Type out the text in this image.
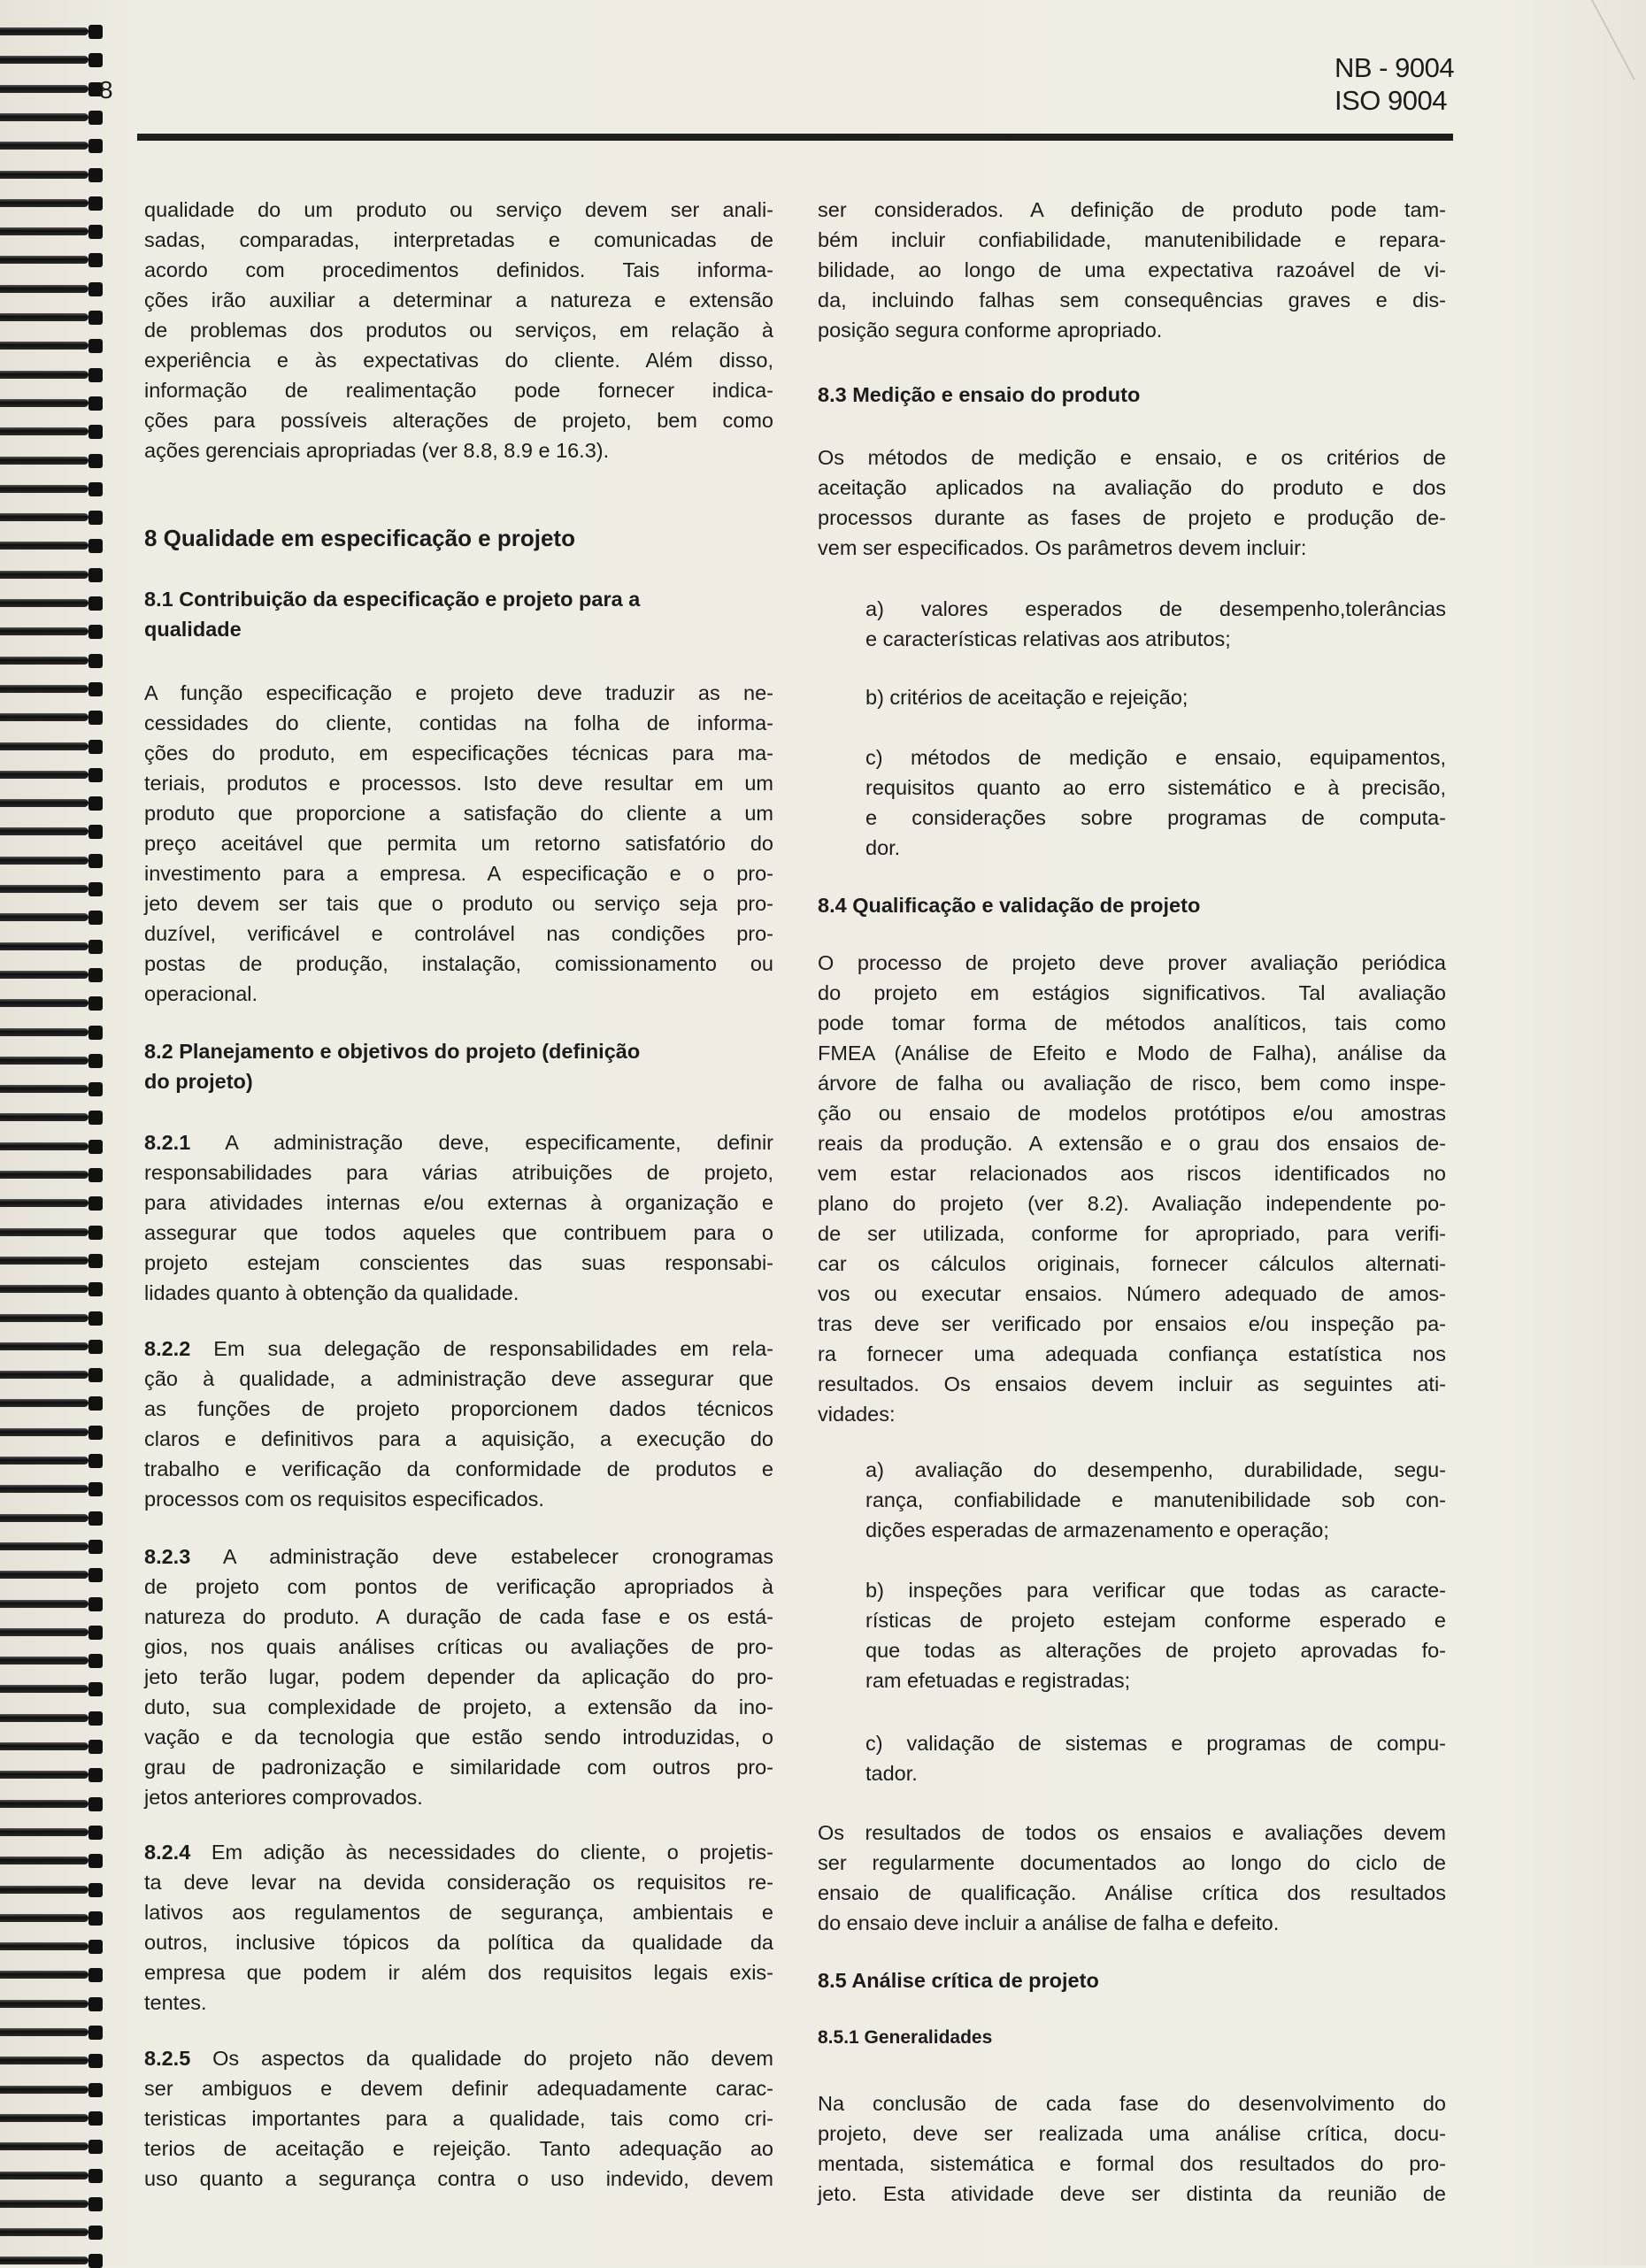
8
NB - 9004
ISO 9004
qualidade do um produto ou serviço devem ser anali-
sadas, comparadas, interpretadas e comunicadas de
acordo com procedimentos definidos. Tais informa-
ções irão auxiliar a determinar a natureza e extensão
de problemas dos produtos ou serviços, em relação à
experiência e às expectativas do cliente. Além disso,
informação de realimentação pode fornecer indica-
ções para possíveis alterações de projeto, bem como
ações gerenciais apropriadas (ver 8.8, 8.9 e 16.3).
8 Qualidade em especificação e projeto
8.1 Contribuição da especificação e projeto para a
qualidade
A função especificação e projeto deve traduzir as ne-
cessidades do cliente, contidas na folha de informa-
ções do produto, em especificações técnicas para ma-
teriais, produtos e processos. Isto deve resultar em um
produto que proporcione a satisfação do cliente a um
preço aceitável que permita um retorno satisfatório do
investimento para a empresa. A especificação e o pro-
jeto devem ser tais que o produto ou serviço seja pro-
duzível, verificável e controlável nas condições pro-
postas de produção, instalação, comissionamento ou
operacional.
8.2 Planejamento e objetivos do projeto (definição
do projeto)
8.2.1 A administração deve, especificamente, definir
responsabilidades para várias atribuições de projeto,
para atividades internas e/ou externas à organização e
assegurar que todos aqueles que contribuem para o
projeto estejam conscientes das suas responsabi-
lidades quanto à obtenção da qualidade.
8.2.2 Em sua delegação de responsabilidades em rela-
ção à qualidade, a administração deve assegurar que
as funções de projeto proporcionem dados técnicos
claros e definitivos para a aquisição, a execução do
trabalho e verificação da conformidade de produtos e
processos com os requisitos especificados.
8.2.3 A administração deve estabelecer cronogramas
de projeto com pontos de verificação apropriados à
natureza do produto. A duração de cada fase e os está-
gios, nos quais análises críticas ou avaliações de pro-
jeto terão lugar, podem depender da aplicação do pro-
duto, sua complexidade de projeto, a extensão da ino-
vação e da tecnologia que estão sendo introduzidas, o
grau de padronização e similaridade com outros pro-
jetos anteriores comprovados.
8.2.4 Em adição às necessidades do cliente, o projetis-
ta deve levar na devida consideração os requisitos re-
lativos aos regulamentos de segurança, ambientais e
outros, inclusive tópicos da política da qualidade da
empresa que podem ir além dos requisitos legais exis-
tentes.
8.2.5 Os aspectos da qualidade do projeto não devem
ser ambiguos e devem definir adequadamente carac-
teristicas importantes para a qualidade, tais como cri-
terios de aceitação e rejeição. Tanto adequação ao
uso quanto a segurança contra o uso indevido, devem
ser considerados. A definição de produto pode tam-
bém incluir confiabilidade, manutenibilidade e repara-
bilidade, ao longo de uma expectativa razoável de vi-
da, incluindo falhas sem consequências graves e dis-
posição segura conforme apropriado.
8.3 Medição e ensaio do produto
Os métodos de medição e ensaio, e os critérios de
aceitação aplicados na avaliação do produto e dos
processos durante as fases de projeto e produção de-
vem ser especificados. Os parâmetros devem incluir:
a) valores esperados de desempenho,tolerâncias
e características relativas aos atributos;
b) critérios de aceitação e rejeição;
c) métodos de medição e ensaio, equipamentos,
requisitos quanto ao erro sistemático e à precisão,
e considerações sobre programas de computa-
dor.
8.4 Qualificação e validação de projeto
O processo de projeto deve prover avaliação periódica
do projeto em estágios significativos. Tal avaliação
pode tomar forma de métodos analíticos, tais como
FMEA (Análise de Efeito e Modo de Falha), análise da
árvore de falha ou avaliação de risco, bem como inspe-
ção ou ensaio de modelos protótipos e/ou amostras
reais da produção. A extensão e o grau dos ensaios de-
vem estar relacionados aos riscos identificados no
plano do projeto (ver 8.2). Avaliação independente po-
de ser utilizada, conforme for apropriado, para verifi-
car os cálculos originais, fornecer cálculos alternati-
vos ou executar ensaios. Número adequado de amos-
tras deve ser verificado por ensaios e/ou inspeção pa-
ra fornecer uma adequada confiança estatística nos
resultados. Os ensaios devem incluir as seguintes ati-
vidades:
a) avaliação do desempenho, durabilidade, segu-
rança, confiabilidade e manutenibilidade sob con-
dições esperadas de armazenamento e operação;
b) inspeções para verificar que todas as caracte-
rísticas de projeto estejam conforme esperado e
que todas as alterações de projeto aprovadas fo-
ram efetuadas e registradas;
c) validação de sistemas e programas de compu-
tador.
Os resultados de todos os ensaios e avaliações devem
ser regularmente documentados ao longo do ciclo de
ensaio de qualificação. Análise crítica dos resultados
do ensaio deve incluir a análise de falha e defeito.
8.5 Análise crítica de projeto
8.5.1 Generalidades
Na conclusão de cada fase do desenvolvimento do
projeto, deve ser realizada uma análise crítica, docu-
mentada, sistemática e formal dos resultados do pro-
jeto. Esta atividade deve ser distinta da reunião de
